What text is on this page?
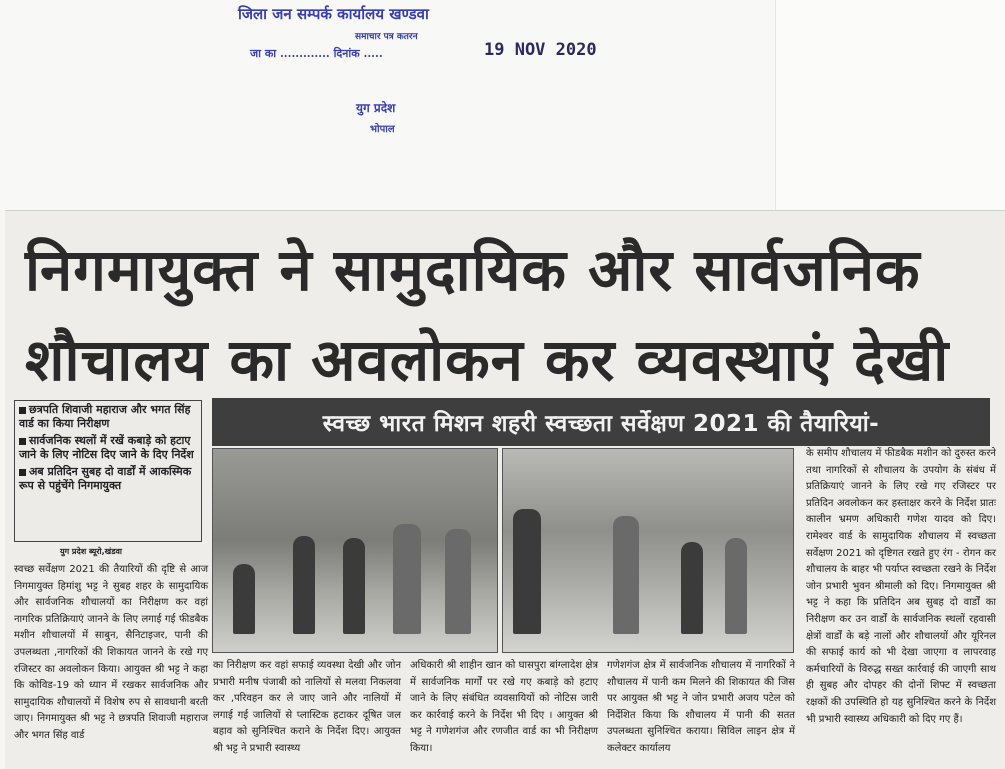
जिला जन सम्पर्क कार्यालय खण्डवा
समाचार पत्र कतरन
जा का ............. दिनांक .....	19 NOV 2020
युग प्रदेश
भोपाल
निगमायुक्त ने सामुदायिक और सार्वजनिक
शौचालय का अवलोकन कर व्यवस्थाएं देखी
छत्रपति शिवाजी महाराज और भगत सिंह वार्ड का किया निरीक्षण
सार्वजनिक स्थलों में रखें कबाड़े को हटाए जाने के लिए नोटिस दिए जाने के दिए निर्देश
अब प्रतिदिन सुबह दो वार्डों में आकस्मिक रूप से पहुंचेंगे निगमायुक्त
युग प्रदेश ब्यूरो,खंडवा
स्वच्छ भारत मिशन शहरी स्वच्छता सर्वेक्षण 2021 की तैयारियां-
स्वच्छ सर्वेक्षण 2021 की तैयारियों की दृष्टि से आज निगमायुक्त हिमांशु भट्ट ने सुबह शहर के सामुदायिक और सार्वजनिक शौचालयों का निरीक्षण कर वहां नागरिक प्रतिक्रियाएं जानने के लिए लगाई गई फीडबैक मशीन शौचालयों में साबुन, सैनिटाइजर, पानी की उपलब्धता ,नागरिकों की शिकायत जानने के रखे गए रजिस्टर का अवलोकन किया। आयुक्त श्री भट्ट ने कहा कि कोविड-19 को ध्यान में रखकर सार्वजनिक और सामुदायिक शौचालयों में विशेष रुप से सावधानी बरती जाए। निगमायुक्त श्री भट्ट ने छत्रपति शिवाजी महाराज और भगत सिंह वार्ड
का निरीक्षण कर वहां सफाई व्यवस्था देखी और जोन प्रभारी मनीष पंजाबी को नालियों से मलवा निकलवा कर ,परिवहन कर ले जाए जाने और नालियों में लगाई गई जालियों से प्लास्टिक हटाकर दूषित जल बहाव को सुनिश्चित कराने के निर्देश दिए। आयुक्त श्री भट्ट ने प्रभारी स्वास्थ्य
अधिकारी श्री शाहीन खान को घासपुरा बांग्लादेश क्षेत्र में सार्वजनिक मार्गों पर रखे गए कबाड़े को हटाए जाने के लिए संबंधित व्यवसायियों को नोटिस जारी कर कार्रवाई करने के निर्देश भी दिए । आयुक्त श्री भट्ट ने गणेशगंज और रणजीत वार्ड का भी निरीक्षण किया।
गणेशगंज क्षेत्र में सार्वजनिक शौचालय में नागरिकों ने शौचालय में पानी कम मिलने की शिकायत की जिस पर आयुक्त श्री भट्ट ने जोन प्रभारी अजय पटेल को निर्देशित किया कि शौचालय में पानी की सतत उपलब्धता सुनिश्चित कराया। सिविल लाइन क्षेत्र में कलेक्टर कार्यालय
के समीप शौचालय में फीडबैक मशीन को दुरुस्त करने तथा नागरिकों से शौचालय के उपयोग के संबंध में प्रतिक्रियाएं जानने के लिए रखे गए रजिस्टर पर प्रतिदिन अवलोकन कर हस्ताक्षर करने के निर्देश प्रातः कालीन भ्रमण अधिकारी गणेश यादव को दिए। रामेश्वर वार्ड के सामुदायिक शौचालय में स्वच्छता सर्वेक्षण 2021 को दृष्टिगत रखते हुए रंग - रोगन कर शौचालय के बाहर भी पर्याप्त स्वच्छता रखने के निर्देश जोन प्रभारी भुवन श्रीमाली को दिए। निगमायुक्त श्री भट्ट ने कहा कि प्रतिदिन अब सुबह दो वार्डों का निरीक्षण कर उन वार्डों के सार्वजनिक स्थलों रहवासी क्षेत्रों वार्डों के बड़े नालों और शौचालयों और यूरिनल की सफाई कार्य को भी देखा जाएगा व लापरवाह कर्मचारियों के विरुद्ध सख्त कार्रवाई की जाएगी साथ ही सुबह और दोपहर की दोनों शिफ्ट में स्वच्छता रक्षकों की उपस्थिति हो यह सुनिश्चित करने के निर्देश भी प्रभारी स्वास्थ्य अधिकारी को दिए गए हैं।
